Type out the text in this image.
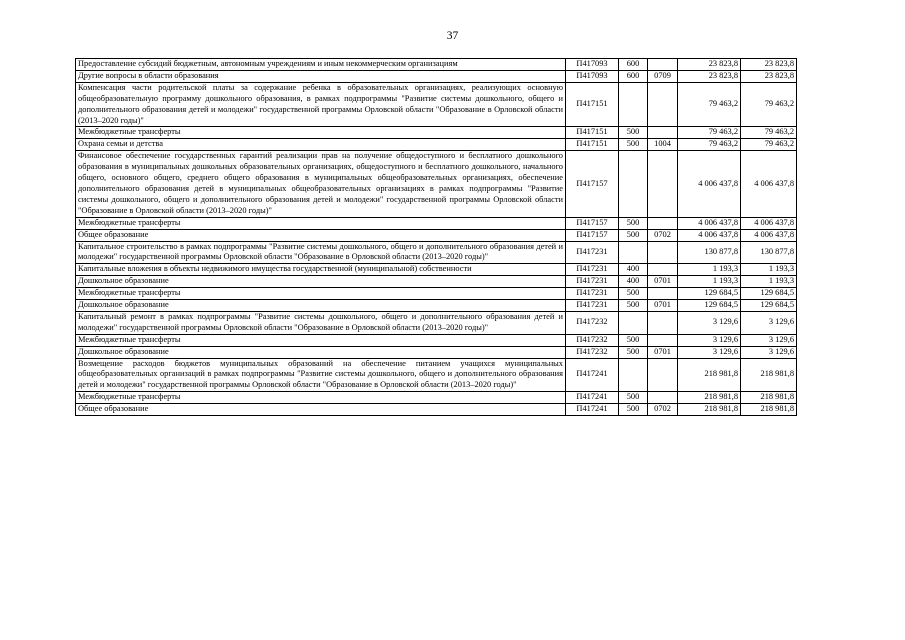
37
Предоставление субсидий бюджетным, автономным учреждениям и иным некоммерческим организациям	П417093	600		23 823,8	23 823,8
Другие вопросы в области образования	П417093	600	0709	23 823,8	23 823,8
Компенсация части родительской платы за содержание ребенка в образовательных организациях, реализующих основную общеобразовательную программу дошкольного образования, в рамках подпрограммы "Развитие системы дошкольного, общего и дополнительного образования детей и молодежи" государственной программы Орловской области "Образование в Орловской области (2013–2020 годы)"	П417151			79 463,2	79 463,2
Межбюджетные трансферты	П417151	500		79 463,2	79 463,2
Охрана семьи и детства	П417151	500	1004	79 463,2	79 463,2
Финансовое обеспечение государственных гарантий реализации прав на получение общедоступного и бесплатного дошкольного образования в муниципальных дошкольных образовательных организациях, общедоступного и бесплатного дошкольного, начального общего, основного общего, среднего общего образования в муниципальных общеобразовательных организациях, обеспечение дополнительного образования детей в муниципальных общеобразовательных организациях в рамках подпрограммы "Развитие системы дошкольного, общего и дополнительного образования детей и молодежи" государственной программы Орловской области "Образование в Орловской области (2013–2020 годы)"	П417157			4 006 437,8	4 006 437,8
Межбюджетные трансферты	П417157	500		4 006 437,8	4 006 437,8
Общее образование	П417157	500	0702	4 006 437,8	4 006 437,8
Капитальное строительство в рамках подпрограммы "Развитие системы дошкольного, общего и дополнительного образования детей и молодежи" государственной программы Орловской области "Образование в Орловской области (2013–2020 годы)"	П417231			130 877,8	130 877,8
Капитальные вложения в объекты недвижимого имущества государственной (муниципальной) собственности	П417231	400		1 193,3	1 193,3
Дошкольное образование	П417231	400	0701	1 193,3	1 193,3
Межбюджетные трансферты	П417231	500		129 684,5	129 684,5
Дошкольное образование	П417231	500	0701	129 684,5	129 684,5
Капитальный ремонт в рамках подпрограммы "Развитие системы дошкольного, общего и дополнительного образования детей и молодежи" государственной программы Орловской области "Образование в Орловской области (2013–2020 годы)"	П417232			3 129,6	3 129,6
Межбюджетные трансферты	П417232	500		3 129,6	3 129,6
Дошкольное образование	П417232	500	0701	3 129,6	3 129,6
Возмещение расходов бюджетов муниципальных образований на обеспечение питанием учащихся муниципальных общеобразовательных организаций в рамках подпрограммы "Развитие системы дошкольного, общего и дополнительного образования детей и молодежи" государственной программы Орловской области "Образование в Орловской области (2013–2020 годы)"	П417241			218 981,8	218 981,8
Межбюджетные трансферты	П417241	500		218 981,8	218 981,8
Общее образование	П417241	500	0702	218 981,8	218 981,8
